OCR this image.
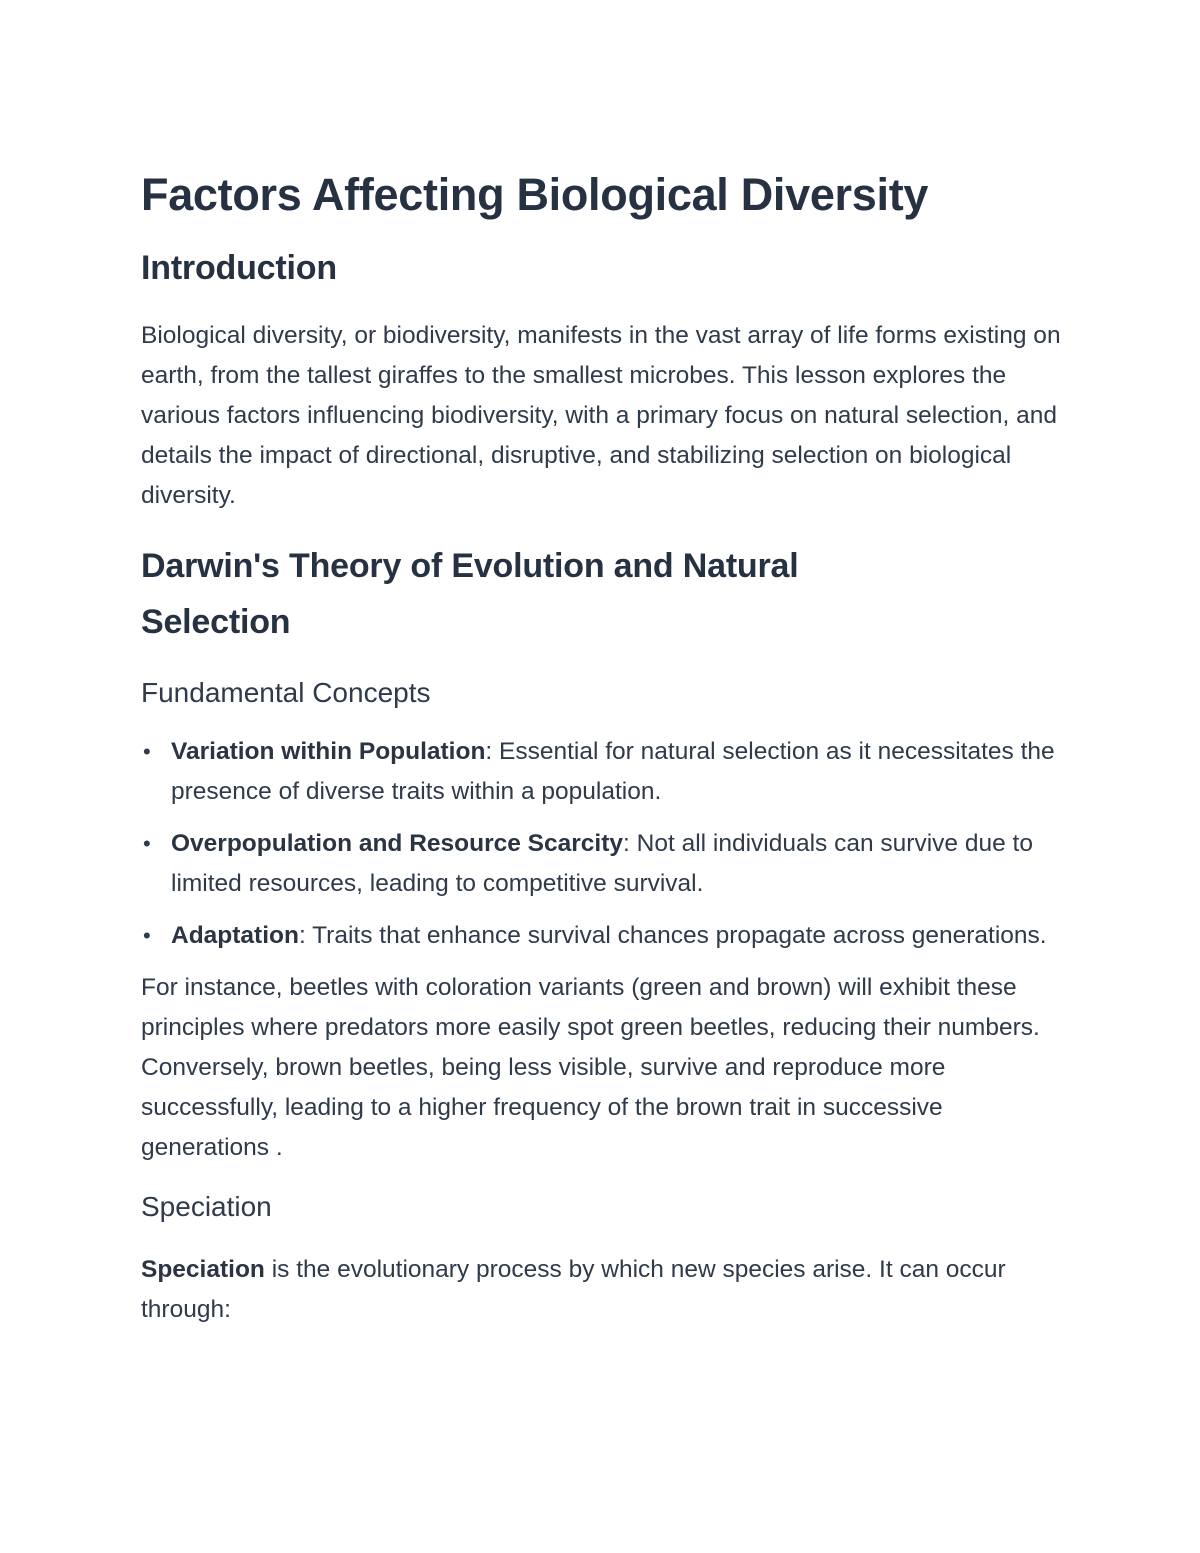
Factors Affecting Biological Diversity
Introduction

Biological diversity, or biodiversity, manifests in the vast array of life forms existing on earth, from the tallest giraffes to the smallest microbes. This lesson explores the various factors influencing biodiversity, with a primary focus on natural selection, and details the impact of directional, disruptive, and stabilizing selection on biological diversity.

Darwin's Theory of Evolution and Natural Selection
Fundamental Concepts
• Variation within Population: Essential for natural selection as it necessitates the presence of diverse traits within a population.
• Overpopulation and Resource Scarcity: Not all individuals can survive due to limited resources, leading to competitive survival.
• Adaptation: Traits that enhance survival chances propagate across generations.

For instance, beetles with coloration variants (green and brown) will exhibit these principles where predators more easily spot green beetles, reducing their numbers. Conversely, brown beetles, being less visible, survive and reproduce more successfully, leading to a higher frequency of the brown trait in successive generations .

Speciation

Speciation is the evolutionary process by which new species arise. It can occur through:
